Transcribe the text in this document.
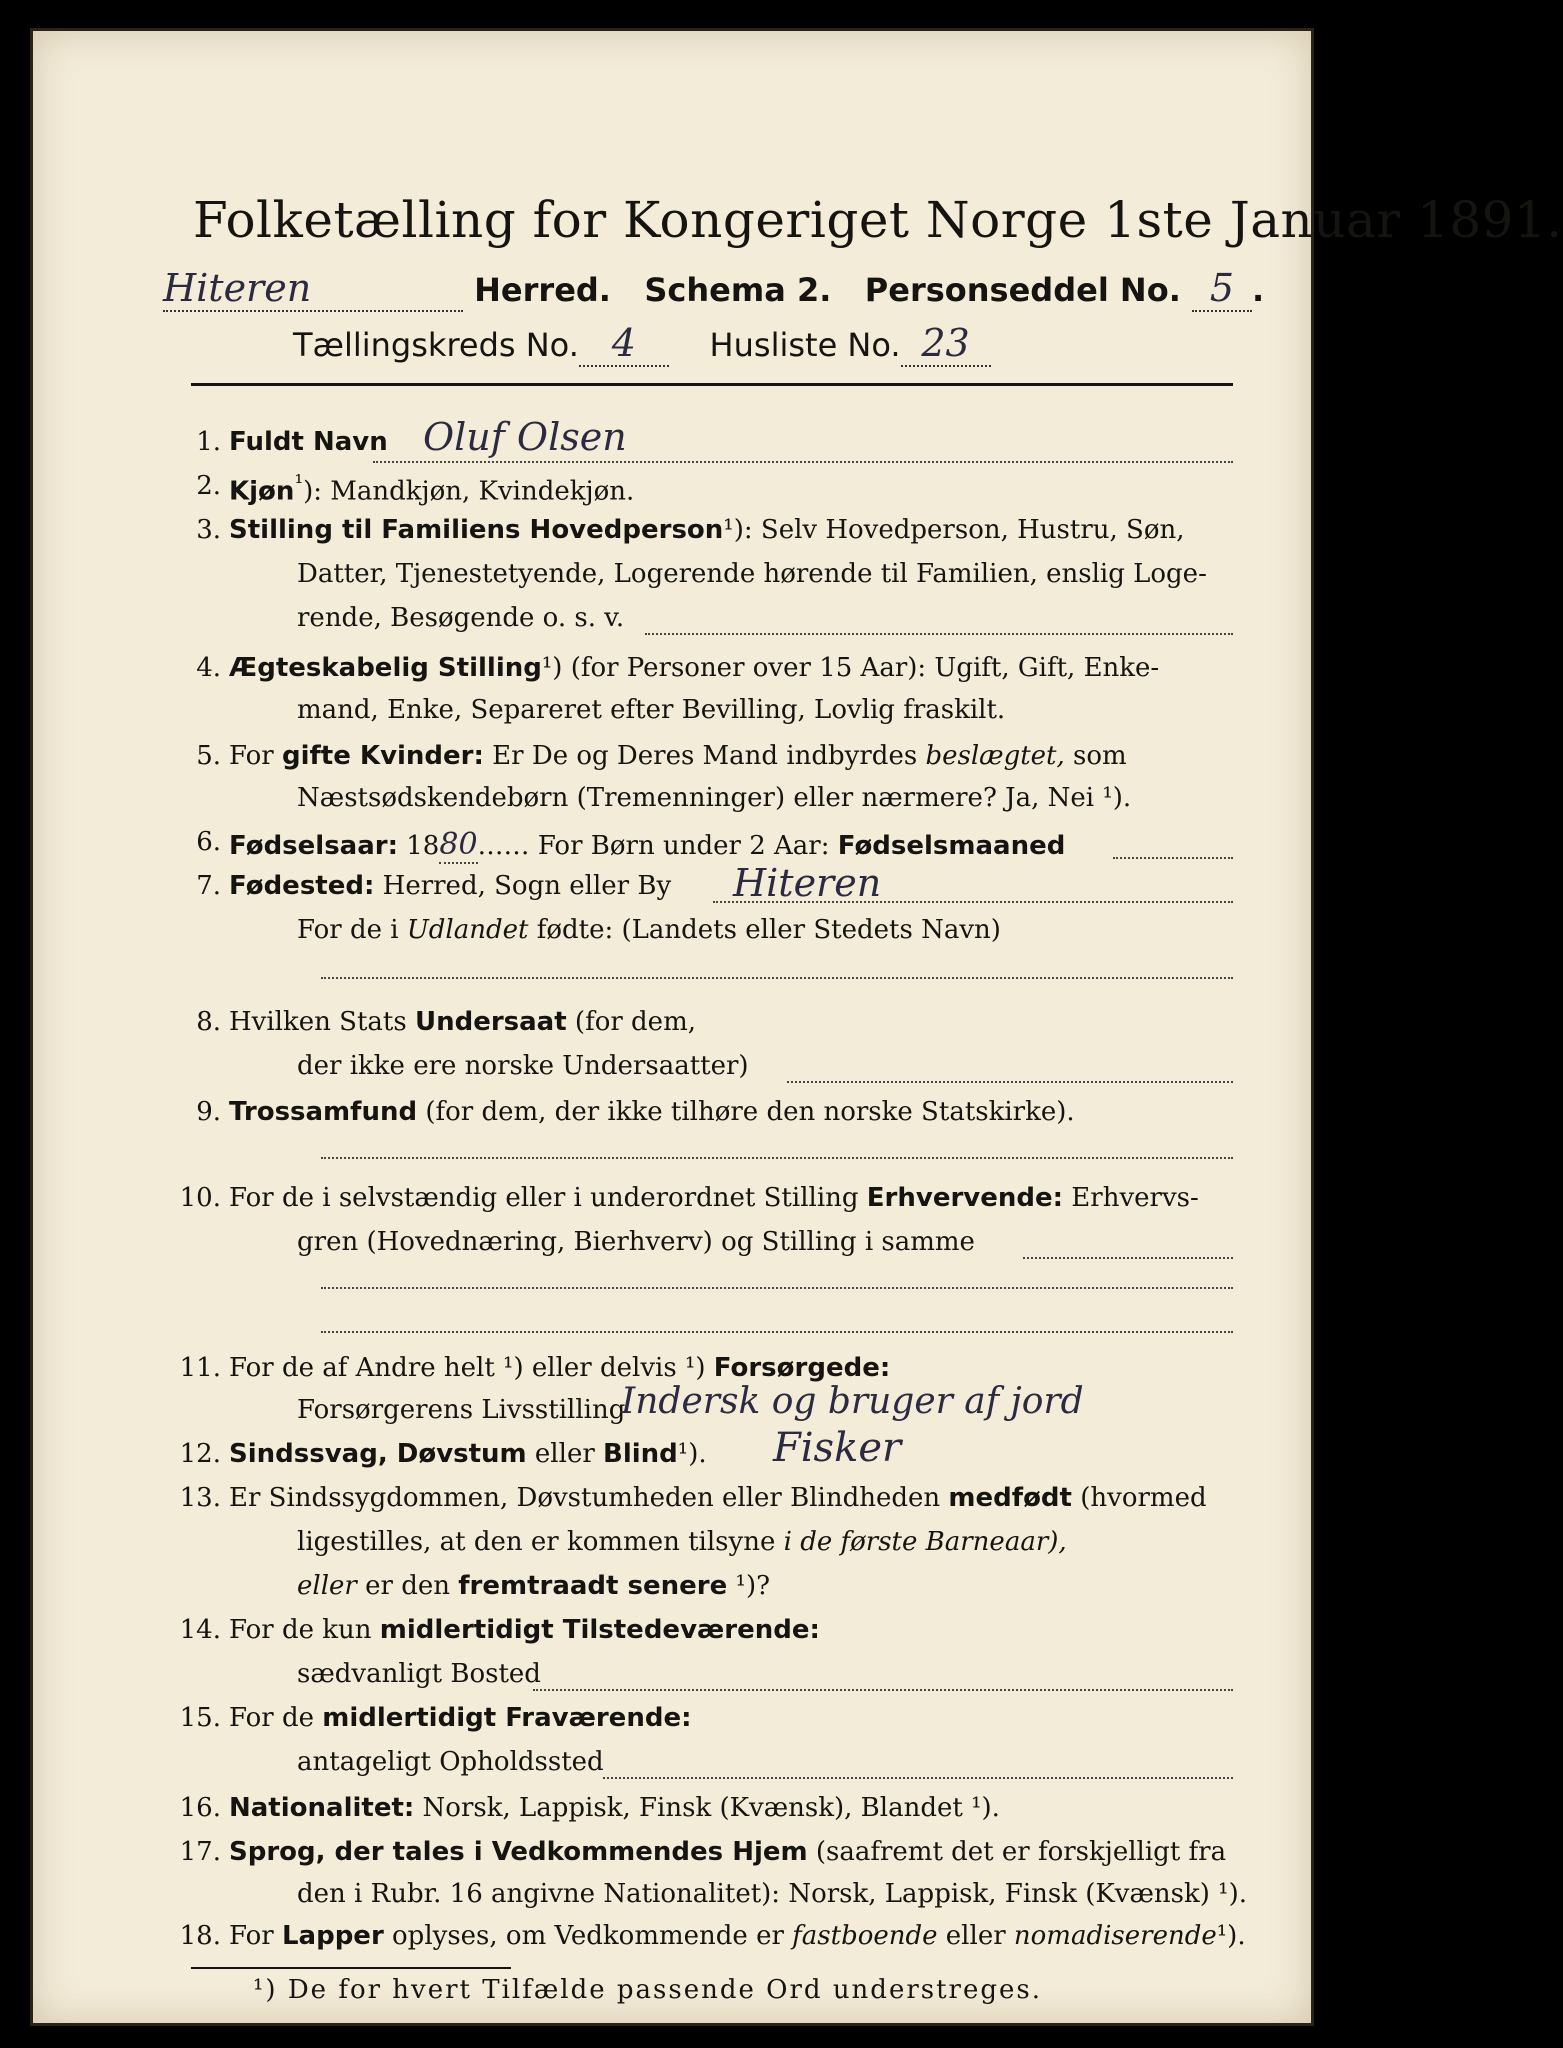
Folketælling for Kongeriget Norge 1ste Januar 1891.
Hiteren	Herred. Schema 2. Personseddel No. 5 .
Tællingskreds No. 4 Husliste No. 23
1. Fuldt Navn Oluf Olsen
2. Kjøn$^{^1}$): Mandkjøn, Kvindekjøn.
3. Stilling til Familiens Hovedperson¹): Selv Hovedperson, Hustru, Søn,
Datter, Tjenestetyende, Logerende hørende til Familien, enslig Loge-
rende, Besøgende o. s. v.
4. Ægteskabelig Stilling¹) (for Personer over 15 Aar): Ugift, Gift, Enke-
mand, Enke, Separeret efter Bevilling, Lovlig fraskilt.
5. For gifte Kvinder: Er De og Deres Mand indbyrdes beslægtet, som
Næstsødskendebørn (Tremenninger) eller nærmere? Ja, Nei ¹).
6. Fødselsaar: 1880…… For Børn under 2 Aar: Fødselsmaaned
7. Fødested: Herred, Sogn eller By Hiteren
For de i Udlandet fødte: (Landets eller Stedets Navn)
8. Hvilken Stats Undersaat (for dem,
der ikke ere norske Undersaatter)
9. Trossamfund (for dem, der ikke tilhøre den norske Statskirke).
10. For de i selvstændig eller i underordnet Stilling Erhvervende: Erhvervs-
gren (Hovednæring, Bierhverv) og Stilling i samme
11. For de af Andre helt ¹) eller delvis ¹) Forsørgede:
Forsørgerens Livsstilling
Indersk og bruger af jord
12. Sindssvag, Døvstum eller Blind¹). Fisker
13. Er Sindssygdommen, Døvstumheden eller Blindheden medfødt (hvormed
ligestilles, at den er kommen tilsyne i de første Barneaar),
eller er den fremtraadt senere ¹)?
14. For de kun midlertidigt Tilstedeværende:
sædvanligt Bosted
15. For de midlertidigt Fraværende:
antageligt Opholdssted
16. Nationalitet: Norsk, Lappisk, Finsk (Kvænsk), Blandet ¹).
17. Sprog, der tales i Vedkommendes Hjem (saafremt det er forskjelligt fra
den i Rubr. 16 angivne Nationalitet): Norsk, Lappisk, Finsk (Kvænsk) ¹).
18. For Lapper oplyses, om Vedkommende er fastboende eller nomadiserende¹).
¹) De for hvert Tilfælde passende Ord understreges.
